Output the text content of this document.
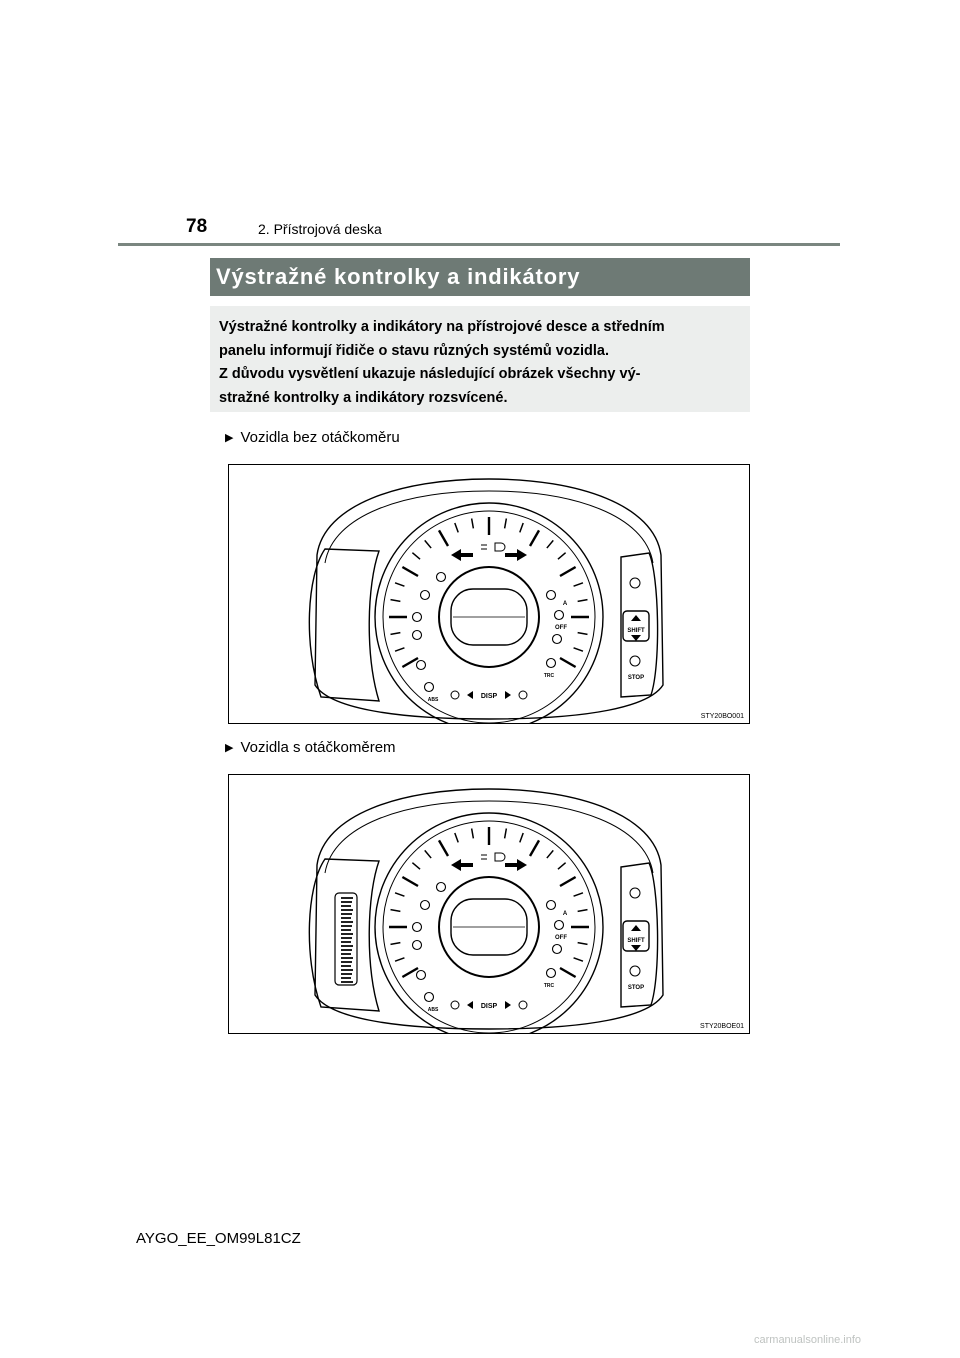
78	2. Přístrojová deska
Výstražné kontrolky a indikátory

Výstražné kontrolky a indikátory na přístrojové desce a středním

panelu informují řidiče o stavu různých systémů vozidla.

Z důvodu vysvětlení ukazuje následující obrázek všechny vý-

stražné kontrolky a indikátory rozsvícené.

▶ Vozidla bez otáčkoměru
SHIFT
STOP
OFF
TRC
A
ABS	DISP
STY20BO001
▶ Vozidla s otáčkoměrem
SHIFT
STOP
OFF
TRC
A
ABS	DISP
STY20BOE01
AYGO_EE_OM99L81CZ
carmanualsonline.info
